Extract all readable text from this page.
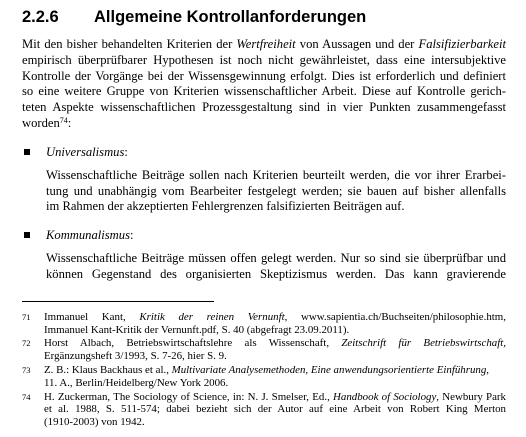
2.2.6 Allgemeine Kontrollanforderungen
Mit den bisher behandelten Kriterien der Wertfreiheit von Aussagen und der Falsifizierbarkeit
empirisch überprüfbarer Hypothesen ist noch nicht gewährleistet, dass eine intersubjektive
Kontrolle der Vorgänge bei der Wissensgewinnung erfolgt. Dies ist erforderlich und definiert
so eine weitere Gruppe von Kriterien wissenschaftlicher Arbeit. Diese auf Kontrolle gerich-
teten Aspekte wissenschaftlichen Prozessgestaltung sind in vier Punkten zusammengefasst
worden$^{74}$:
Universalismus:
Wissenschaftliche Beiträge sollen nach Kriterien beurteilt werden, die vor ihrer Erarbei-
tung und unabhängig vom Bearbeiter festgelegt werden; sie bauen auf bisher allenfalls
im Rahmen der akzeptierten Fehlergrenzen falsifizierten Beiträgen auf.
Kommunalismus:
Wissenschaftliche Beiträge müssen offen gelegt werden. Nur so sind sie überprüfbar und
können Gegenstand des organisierten Skeptizismus werden. Das kann gravierende
71 Immanuel Kant, Kritik der reinen Vernunft, www.sapientia.ch/Buchseiten/philosophie.htm,
Immanuel Kant-Kritik der Vernunft.pdf, S. 40 (abgefragt 23.09.2011).
72 Horst Albach, Betriebswirtschaftslehre als Wissenschaft, Zeitschrift für Betriebswirtschaft,
Ergänzungsheft 3/1993, S. 7-26, hier S. 9.
73 Z. B.: Klaus Backhaus et al., Multivariate Analysemethoden, Eine anwendungsorientierte Einführung,
11. A., Berlin/Heidelberg/New York 2006.
74 H. Zuckerman, The Sociology of Science, in: N. J. Smelser, Ed., Handbook of Sociology, Newbury Park
et al. 1988, S. 511-574; dabei bezieht sich der Autor auf eine Arbeit von Robert King Merton
(1910-2003) von 1942.
